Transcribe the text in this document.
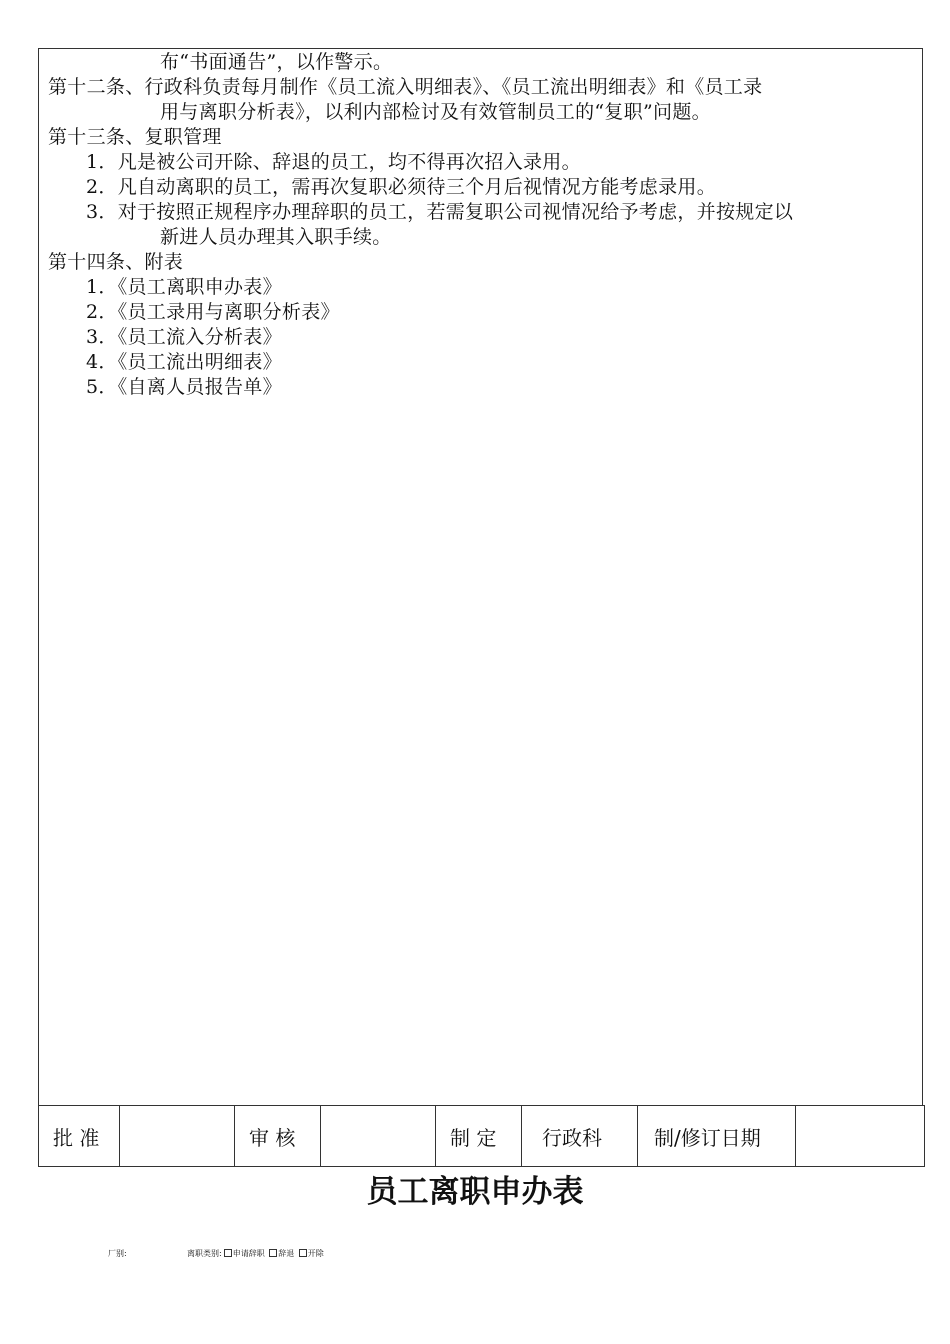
布“书面通告”，以作警示。
第十二条、行政科负责每月制作《员工流入明细表》、《员工流出明细表》和《员工录
用与离职分析表》，以利内部检讨及有效管制员工的“复职”问题。
第十三条、复职管理
1．凡是被公司开除、辞退的员工，均不得再次招入录用。
2．凡自动离职的员工，需再次复职必须待三个月后视情况方能考虑录用。
3．对于按照正规程序办理辞职的员工，若需复职公司视情况给予考虑，并按规定以
新进人员办理其入职手续。
第十四条、附表
1．《员工离职申办表》
2．《员工录用与离职分析表》
3．《员工流入分析表》
4．《员工流出明细表》
5．《自离人员报告单》
批 准		审 核		制 定	行政科	制/修订日期	
员工离职申办表
厂别:	离职类别: 申请辞职 辞退 开除
